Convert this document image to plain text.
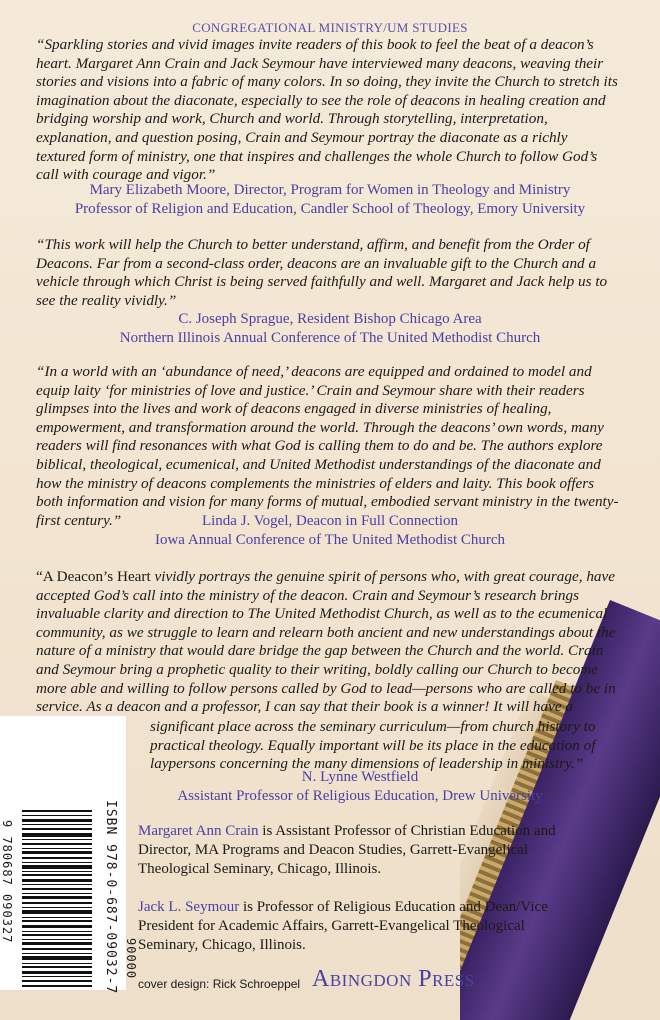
CONGREGATIONAL MINISTRY/UM STUDIES

“Sparkling stories and vivid images invite readers of this book to feel the beat of a deacon’s heart. Margaret Ann Crain and Jack Seymour have interviewed many deacons, weaving their stories and visions into a fabric of many colors. In so doing, they invite the Church to stretch its imagination about the diaconate, especially to see the role of deacons in healing creation and bridging worship and work, Church and world. Through storytelling, interpretation, explanation, and question posing, Crain and Seymour portray the diaconate as a richly textured form of ministry, one that inspires and challenges the whole Church to follow God’s call with courage and vigor.”

Mary Elizabeth Moore, Director, Program for Women in Theology and Ministry
Professor of Religion and Education, Candler School of Theology, Emory University

“This work will help the Church to better understand, affirm, and benefit from the Order of Deacons. Far from a second-class order, deacons are an invaluable gift to the Church and a vehicle through which Christ is being served faithfully and well. Margaret and Jack help us to see the reality vividly.”

C. Joseph Sprague, Resident Bishop Chicago Area
Northern Illinois Annual Conference of The United Methodist Church

“In a world with an ‘abundance of need,’ deacons are equipped and ordained to model and equip laity ‘for ministries of love and justice.’ Crain and Seymour share with their readers glimpses into the lives and work of deacons engaged in diverse ministries of healing, empowerment, and transformation around the world. Through the deacons’ own words, many readers will find resonances with what God is calling them to do and be. The authors explore biblical, theological, ecumenical, and United Methodist understandings of the diaconate and how the ministry of deacons complements the ministries of elders and laity. This book offers both information and vision for many forms of mutual, embodied servant ministry in the twenty-first century.”	Linda J. Vogel, Deacon in Full Connection
Iowa Annual Conference of The United Methodist Church

“A Deacon’s Heart vividly portrays the genuine spirit of persons who, with great courage, have accepted God’s call into the ministry of the deacon. Crain and Seymour’s research brings invaluable clarity and direction to The United Methodist Church, as well as to the ecumenical community, as we struggle to learn and relearn both ancient and new understandings about the nature of a ministry that would dare bridge the gap between the Church and the world. Crain and Seymour bring a prophetic quality to their writing, boldly calling our Church to become more able and willing to follow persons called by God to lead—persons who are called to be in service. As a deacon and a professor, I can say that their book is a winner! It will have a

significant place across the seminary curriculum—from church history to practical theology. Equally important will be its place in the education of laypersons concerning the many dimensions of leadership in ministry.”

N. Lynne Westfield
Assistant Professor of Religious Education, Drew University

Margaret Ann Crain is Assistant Professor of Christian Education and Director, MA Programs and Deacon Studies, Garrett-Evangelical Theological Seminary, Chicago, Illinois.

Jack L. Seymour is Professor of Religious Education and Dean/Vice President for Academic Affairs, Garrett-Evangelical Theological Seminary, Chicago, Illinois.

ISBN 978-0-687-09032-7
9 780687 090327
90000
cover design: Rick Schroeppel Abingdon Press
